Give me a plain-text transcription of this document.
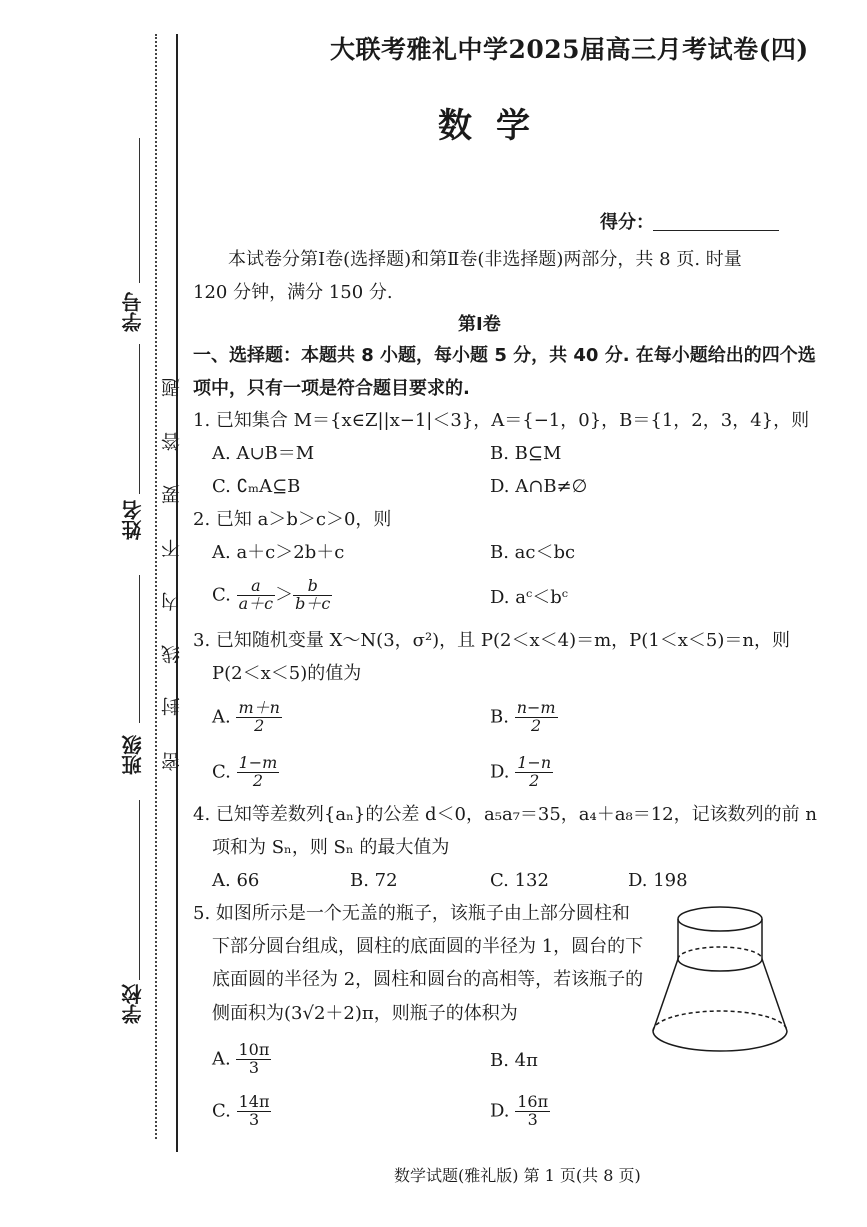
学号
姓名
班级
学校
密
封
线
内
不
要
答
题
大联考雅礼中学2025届高三月考试卷(四)
数学
得分：
本试卷分第Ⅰ卷(选择题)和第Ⅱ卷(非选择题)两部分，共 8 页. 时量
120 分钟，满分 150 分.
第Ⅰ卷
一、选择题：本题共 8 小题，每小题 5 分，共 40 分. 在每小题给出的四个选
项中，只有一项是符合题目要求的.
1. 已知集合 M＝{x∈Z||x−1|＜3}，A＝{−1，0}，B＝{1，2，3，4}，则
A. A∪B＝M	B. B⊆M
C. ∁ₘA⊆B	D. A∩B≠∅
2. 已知 a＞b＞c＞0，则
A. a＋c＞2b＋c	B. ac＜bc
C. $\frac{a}{a+c} > \frac{b}{b+c}$	D. aᶜ＜bᶜ
3. 已知随机变量 X～N(3，σ²)，且 P(2＜x＜4)＝m，P(1＜x＜5)＝n，则
P(2＜x＜5)的值为
A. $\frac{m+n}{2}$	B. $\frac{n-m}{2}$
C. $\frac{1-m}{2}$	D. $\frac{1-n}{2}$
4. 已知等差数列{aₙ}的公差 d＜0，a₅a₇＝35，a₄＋a₈＝12，记该数列的前 n
项和为 Sₙ，则 Sₙ 的最大值为
A. 66	B. 72	C. 132	D. 198
5. 如图所示是一个无盖的瓶子，该瓶子由上部分圆柱和
下部分圆台组成，圆柱的底面圆的半径为 1，圆台的下
底面圆的半径为 2，圆柱和圆台的高相等，若该瓶子的
侧面积为(3√2＋2)π，则瓶子的体积为
A. $\frac{10\pi}{3}$	B. 4π
C. $\frac{14\pi}{3}$	D. $\frac{16\pi}{3}$
数学试题(雅礼版) 第 1 页(共 8 页)
